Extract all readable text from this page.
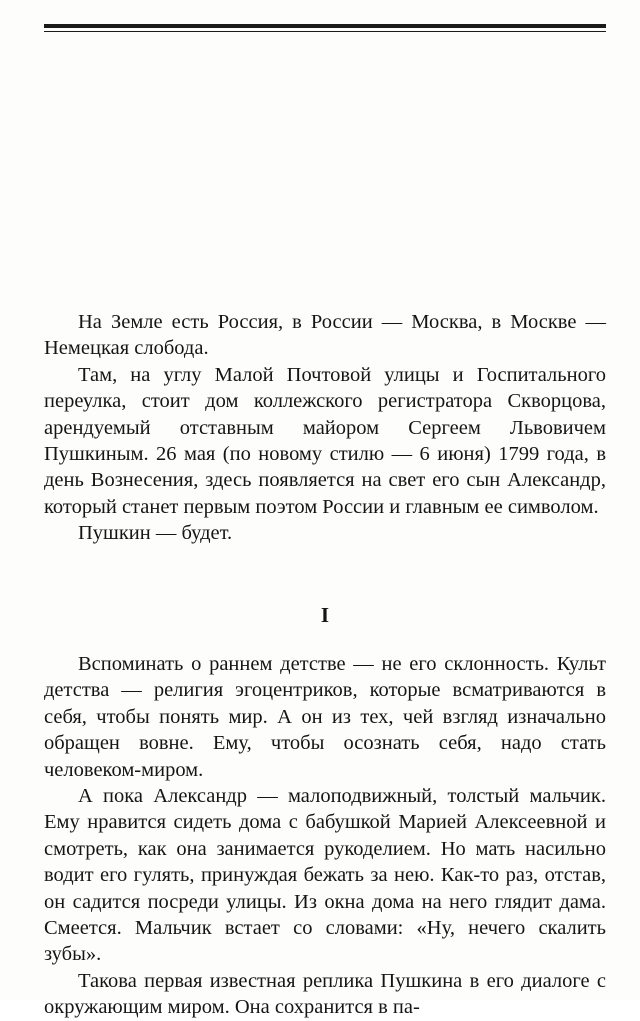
На Земле есть Россия, в России — Москва, в Москве — Немецкая слобода.

Там, на углу Малой Почтовой улицы и Госпитального переулка, стоит дом коллежского регистратора Скворцова, арендуемый отставным майором Сергеем Львовичем Пушкиным. 26 мая (по новому стилю — 6 июня) 1799 года, в день Вознесения, здесь появляется на свет его сын Александр, который станет первым поэтом России и главным ее символом.

Пушкин — будет.

I

Вспоминать о раннем детстве — не его склонность. Культ детства — религия эгоцентриков, которые всматриваются в себя, чтобы понять мир. А он из тех, чей взгляд изначально обращен вовне. Ему, чтобы осознать себя, надо стать человеком-миром.

А пока Александр — малоподвижный, толстый мальчик. Ему нравится сидеть дома с бабушкой Марией Алексеевной и смотреть, как она занимается рукоделием. Но мать насильно водит его гулять, принуждая бежать за нею. Как-то раз, отстав, он садится посреди улицы. Из окна дома на него глядит дама. Смеется. Мальчик встает со словами: «Ну, нечего скалить зубы».

Такова первая известная реплика Пушкина в его диалоге с окружающим миром. Она сохранится в па-
